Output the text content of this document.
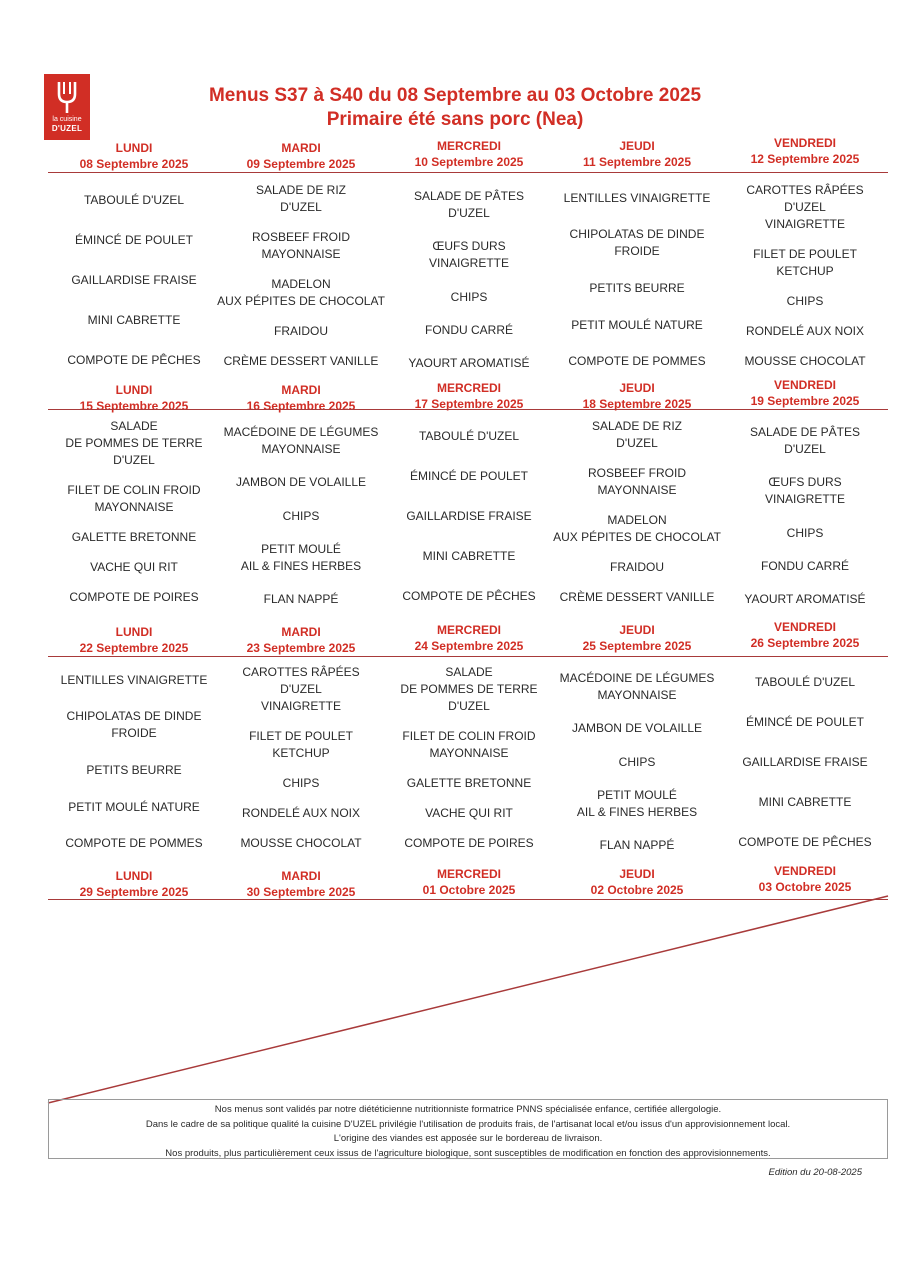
la cuisine
D'UZEL
Menus S37 à S40 du 08 Septembre au 03 Octobre 2025
Primaire été sans porc (Nea)
LUNDI
08 Septembre 2025
TABOULÉ D'UZEL
ÉMINCÉ DE POULET
GAILLARDISE FRAISE
MINI CABRETTE
COMPOTE DE PÊCHES
MARDI
09 Septembre 2025
SALADE DE RIZ
D'UZEL
ROSBEEF FROID
MAYONNAISE
MADELON
AUX PÉPITES DE CHOCOLAT
FRAIDOU
CRÈME DESSERT VANILLE
MERCREDI
10 Septembre 2025
SALADE DE PÂTES
D'UZEL
ŒUFS DURS
VINAIGRETTE
CHIPS
FONDU CARRÉ
YAOURT AROMATISÉ
JEUDI
11 Septembre 2025
LENTILLES VINAIGRETTE
CHIPOLATAS DE DINDE
FROIDE
PETITS BEURRE
PETIT MOULÉ NATURE
COMPOTE DE POMMES
VENDREDI
12 Septembre 2025
CAROTTES RÂPÉES
D'UZEL
VINAIGRETTE
FILET DE POULET
KETCHUP
CHIPS
RONDELÉ AUX NOIX
MOUSSE CHOCOLAT
LUNDI
15 Septembre 2025
SALADE
DE POMMES DE TERRE
D'UZEL
FILET DE COLIN FROID
MAYONNAISE
GALETTE BRETONNE
VACHE QUI RIT
COMPOTE DE POIRES
MARDI
16 Septembre 2025
MACÉDOINE DE LÉGUMES
MAYONNAISE
JAMBON DE VOLAILLE
CHIPS
PETIT MOULÉ
AIL & FINES HERBES
FLAN NAPPÉ
MERCREDI
17 Septembre 2025
TABOULÉ D'UZEL
ÉMINCÉ DE POULET
GAILLARDISE FRAISE
MINI CABRETTE
COMPOTE DE PÊCHES
JEUDI
18 Septembre 2025
SALADE DE RIZ
D'UZEL
ROSBEEF FROID
MAYONNAISE
MADELON
AUX PÉPITES DE CHOCOLAT
FRAIDOU
CRÈME DESSERT VANILLE
VENDREDI
19 Septembre 2025
SALADE DE PÂTES
D'UZEL
ŒUFS DURS
VINAIGRETTE
CHIPS
FONDU CARRÉ
YAOURT AROMATISÉ
LUNDI
22 Septembre 2025
LENTILLES VINAIGRETTE
CHIPOLATAS DE DINDE
FROIDE
PETITS BEURRE
PETIT MOULÉ NATURE
COMPOTE DE POMMES
MARDI
23 Septembre 2025
CAROTTES RÂPÉES
D'UZEL
VINAIGRETTE
FILET DE POULET
KETCHUP
CHIPS
RONDELÉ AUX NOIX
MOUSSE CHOCOLAT
MERCREDI
24 Septembre 2025
SALADE
DE POMMES DE TERRE
D'UZEL
FILET DE COLIN FROID
MAYONNAISE
GALETTE BRETONNE
VACHE QUI RIT
COMPOTE DE POIRES
JEUDI
25 Septembre 2025
MACÉDOINE DE LÉGUMES
MAYONNAISE
JAMBON DE VOLAILLE
CHIPS
PETIT MOULÉ
AIL & FINES HERBES
FLAN NAPPÉ
VENDREDI
26 Septembre 2025
TABOULÉ D'UZEL
ÉMINCÉ DE POULET
GAILLARDISE FRAISE
MINI CABRETTE
COMPOTE DE PÊCHES
LUNDI
29 Septembre 2025
MARDI
30 Septembre 2025
MERCREDI
01 Octobre 2025
JEUDI
02 Octobre 2025
VENDREDI
03 Octobre 2025
Nos menus sont validés par notre diététicienne nutritionniste formatrice PNNS spécialisée enfance, certifiée allergologie.
Dans le cadre de sa politique qualité la cuisine D'UZEL privilégie l'utilisation de produits frais, de l'artisanat local et/ou issus d'un approvisionnement local.
L'origine des viandes est apposée sur le bordereau de livraison.
Nos produits, plus particulièrement ceux issus de l'agriculture biologique, sont susceptibles de modification en fonction des approvisionnements.
Edition du 20-08-2025
